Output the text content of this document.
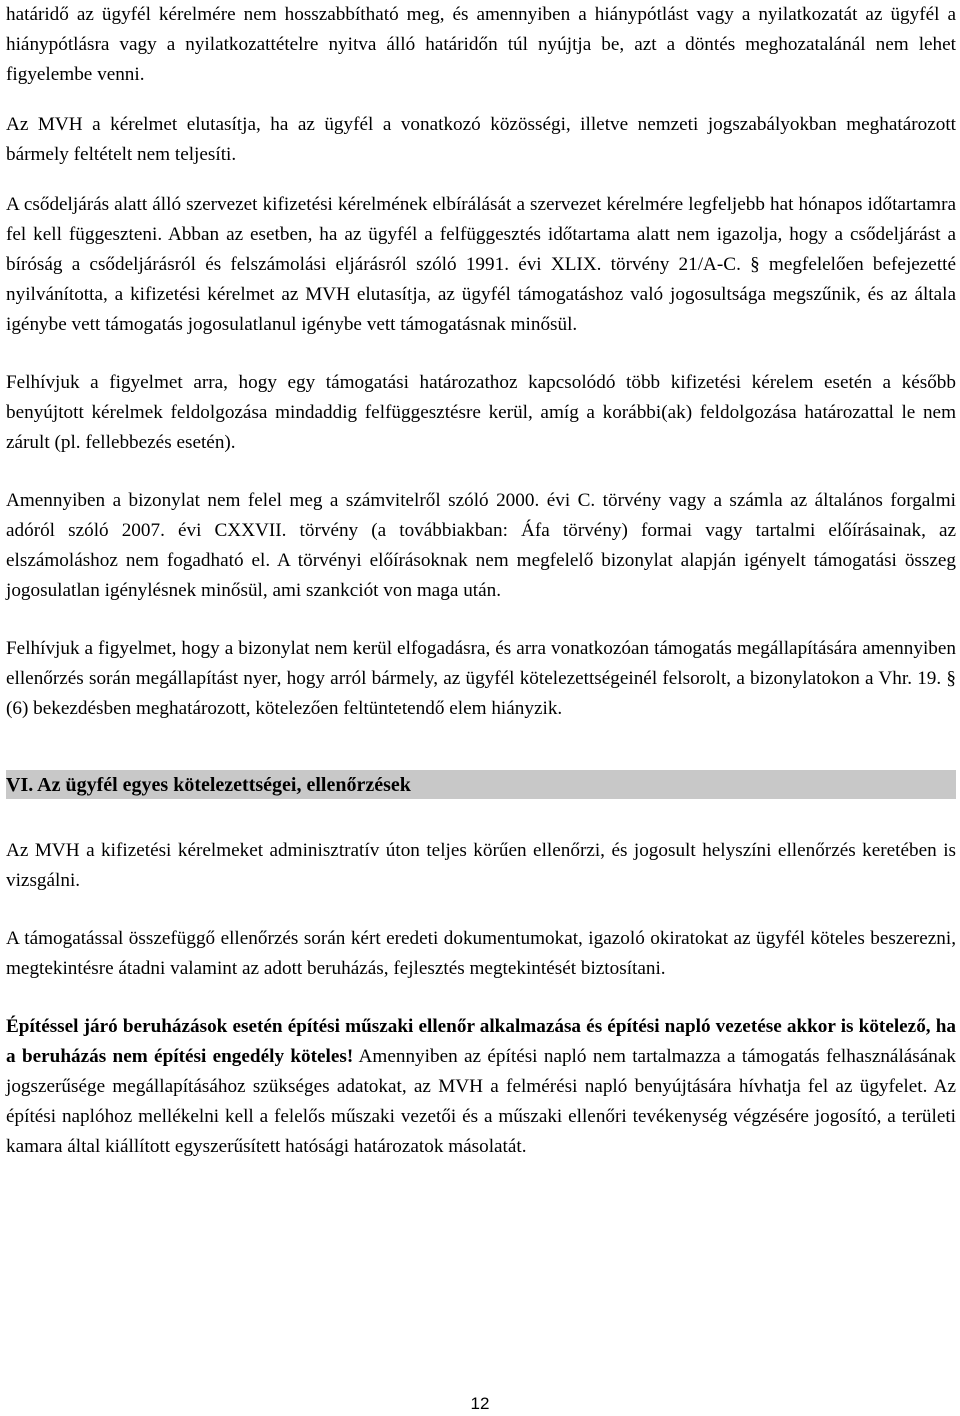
határidő az ügyfél kérelmére nem hosszabbítható meg, és amennyiben a hiánypótlást vagy a nyilatkozatát az ügyfél a hiánypótlásra vagy a nyilatkozattételre nyitva álló határidőn túl nyújtja be, azt a döntés meghozatalánál nem lehet figyelembe venni.

Az MVH a kérelmet elutasítja, ha az ügyfél a vonatkozó közösségi, illetve nemzeti jogszabályokban meghatározott bármely feltételt nem teljesíti.

A csődeljárás alatt álló szervezet kifizetési kérelmének elbírálását a szervezet kérelmére legfeljebb hat hónapos időtartamra fel kell függeszteni. Abban az esetben, ha az ügyfél a felfüggesztés időtartama alatt nem igazolja, hogy a csődeljárást a bíróság a csődeljárásról és felszámolási eljárásról szóló 1991. évi XLIX. törvény 21/A-C. § megfelelően befejezetté nyilvánította, a kifizetési kérelmet az MVH elutasítja, az ügyfél támogatáshoz való jogosultsága megszűnik, és az általa igénybe vett támogatás jogosulatlanul igénybe vett támogatásnak minősül.

Felhívjuk a figyelmet arra, hogy egy támogatási határozathoz kapcsolódó több kifizetési kérelem esetén a később benyújtott kérelmek feldolgozása mindaddig felfüggesztésre kerül, amíg a korábbi(ak) feldolgozása határozattal le nem zárult (pl. fellebbezés esetén).

Amennyiben a bizonylat nem felel meg a számvitelről szóló 2000. évi C. törvény vagy a számla az általános forgalmi adóról szóló 2007. évi CXXVII. törvény (a továbbiakban: Áfa törvény) formai vagy tartalmi előírásainak, az elszámoláshoz nem fogadható el. A törvényi előírásoknak nem megfelelő bizonylat alapján igényelt támogatási összeg jogosulatlan igénylésnek minősül, ami szankciót von maga után.

Felhívjuk a figyelmet, hogy a bizonylat nem kerül elfogadásra, és arra vonatkozóan támogatás megállapítására amennyiben ellenőrzés során megállapítást nyer, hogy arról bármely, az ügyfél kötelezettségeinél felsorolt, a bizonylatokon a Vhr. 19. § (6) bekezdésben meghatározott, kötelezően feltüntetendő elem hiányzik.

VI. Az ügyfél egyes kötelezettségei, ellenőrzések

Az MVH a kifizetési kérelmeket adminisztratív úton teljes körűen ellenőrzi, és jogosult helyszíni ellenőrzés keretében is vizsgálni.

A támogatással összefüggő ellenőrzés során kért eredeti dokumentumokat, igazoló okiratokat az ügyfél köteles beszerezni, megtekintésre átadni valamint az adott beruházás, fejlesztés megtekintését biztosítani.

Építéssel járó beruházások esetén építési műszaki ellenőr alkalmazása és építési napló vezetése akkor is kötelező, ha a beruházás nem építési engedély köteles! Amennyiben az építési napló nem tartalmazza a támogatás felhasználásának jogszerűsége megállapításához szükséges adatokat, az MVH a felmérési napló benyújtására hívhatja fel az ügyfelet. Az építési naplóhoz mellékelni kell a felelős műszaki vezetői és a műszaki ellenőri tevékenység végzésére jogosító, a területi kamara által kiállított egyszerűsített hatósági határozatok másolatát.

12
